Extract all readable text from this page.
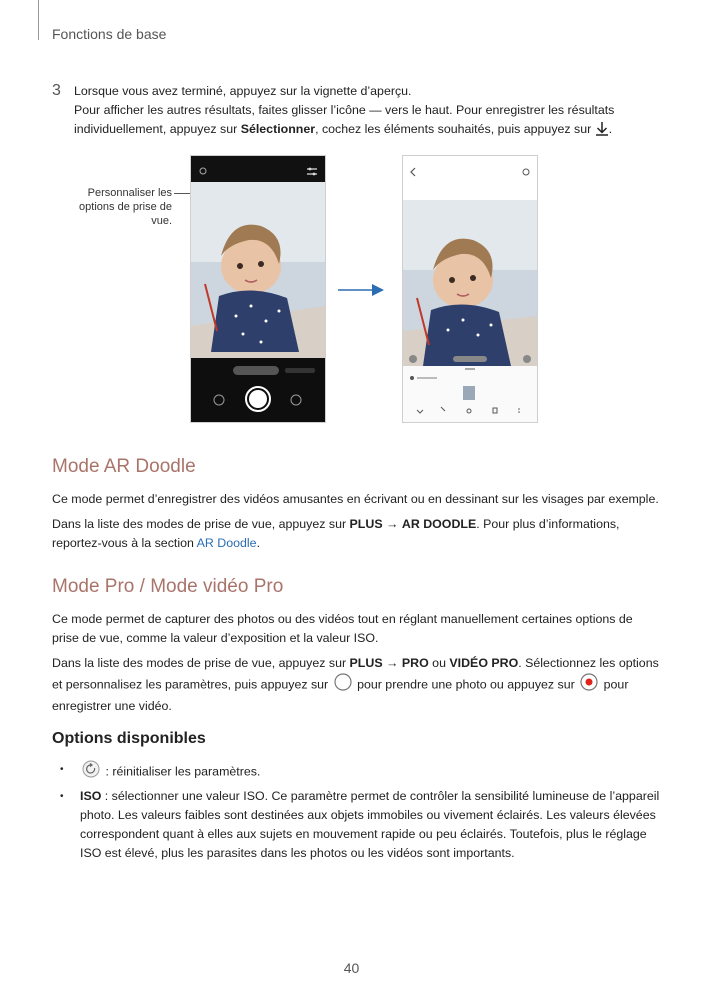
Fonctions de base
3 Lorsque vous avez terminé, appuyez sur la vignette d’aperçu.

Pour afficher les autres résultats, faites glisser l’icône — vers le haut. Pour enregistrer les résultats individuellement, appuyez sur Sélectionner, cochez les éléments souhaités, puis appuyez sur .

Personnaliser les options de prise de vue.
Mode AR Doodle

Ce mode permet d’enregistrer des vidéos amusantes en écrivant ou en dessinant sur les visages par exemple.

Dans la liste des modes de prise de vue, appuyez sur PLUS → AR DOODLE. Pour plus d’informations, reportez-vous à la section AR Doodle.

Mode Pro / Mode vidéo Pro

Ce mode permet de capturer des photos ou des vidéos tout en réglant manuellement certaines options de prise de vue, comme la valeur d’exposition et la valeur ISO.

Dans la liste des modes de prise de vue, appuyez sur PLUS → PRO ou VIDÉO PRO. Sélectionnez les options et personnalisez les paramètres, puis appuyez sur  pour prendre une photo ou appuyez sur  pour enregistrer une vidéo.

Options disponibles
•	: réinitialiser les paramètres.
• ISO : sélectionner une valeur ISO. Ce paramètre permet de contrôler la sensibilité lumineuse de l’appareil photo. Les valeurs faibles sont destinées aux objets immobiles ou vivement éclairés. Les valeurs élevées correspondent quant à elles aux sujets en mouvement rapide ou peu éclairés. Toutefois, plus le réglage ISO est élevé, plus les parasites dans les photos ou les vidéos sont importants.
40
